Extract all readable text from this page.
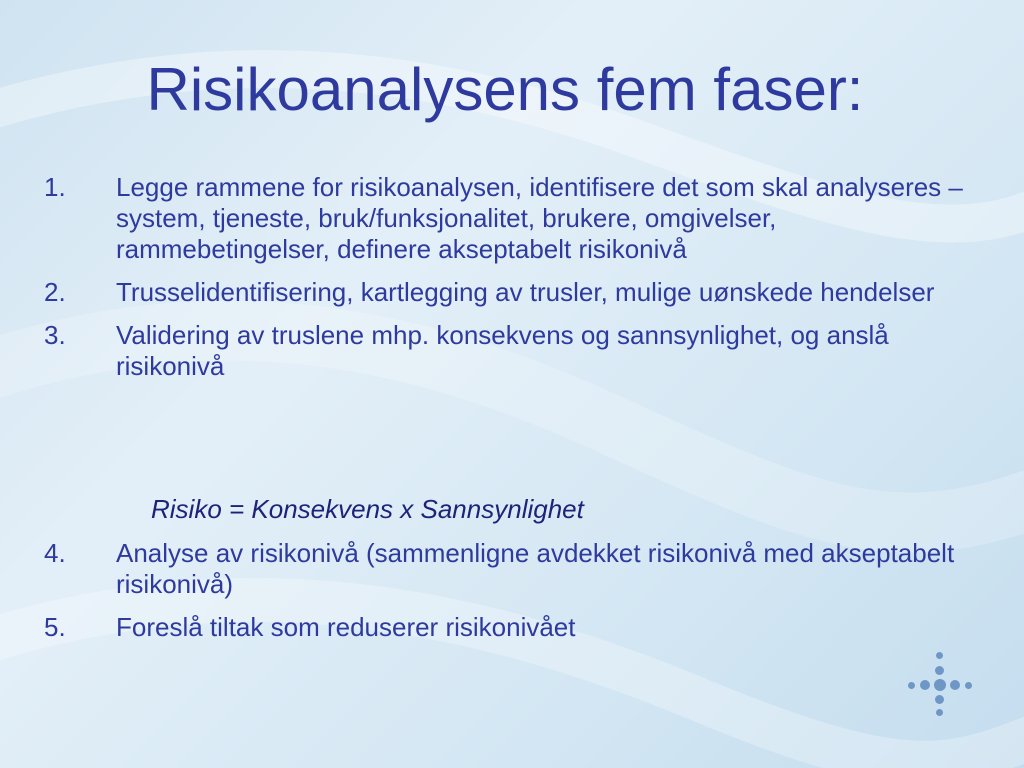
Risikoanalysens fem faser:
1. Legge rammene for risikoanalysen, identifisere det som skal analyseres – system, tjeneste, bruk/funksjonalitet, brukere, omgivelser, rammebetingelser, definere akseptabelt risikonivå
2. Trusselidentifisering, kartlegging av trusler, mulige uønskede hendelser
3. Validering av truslene mhp. konsekvens og sannsynlighet, og anslå risikonivå
Risiko = Konsekvens x Sannsynlighet
4. Analyse av risikonivå (sammenligne avdekket risikonivå med akseptabelt risikonivå)
5. Foreslå tiltak som reduserer risikonivået
